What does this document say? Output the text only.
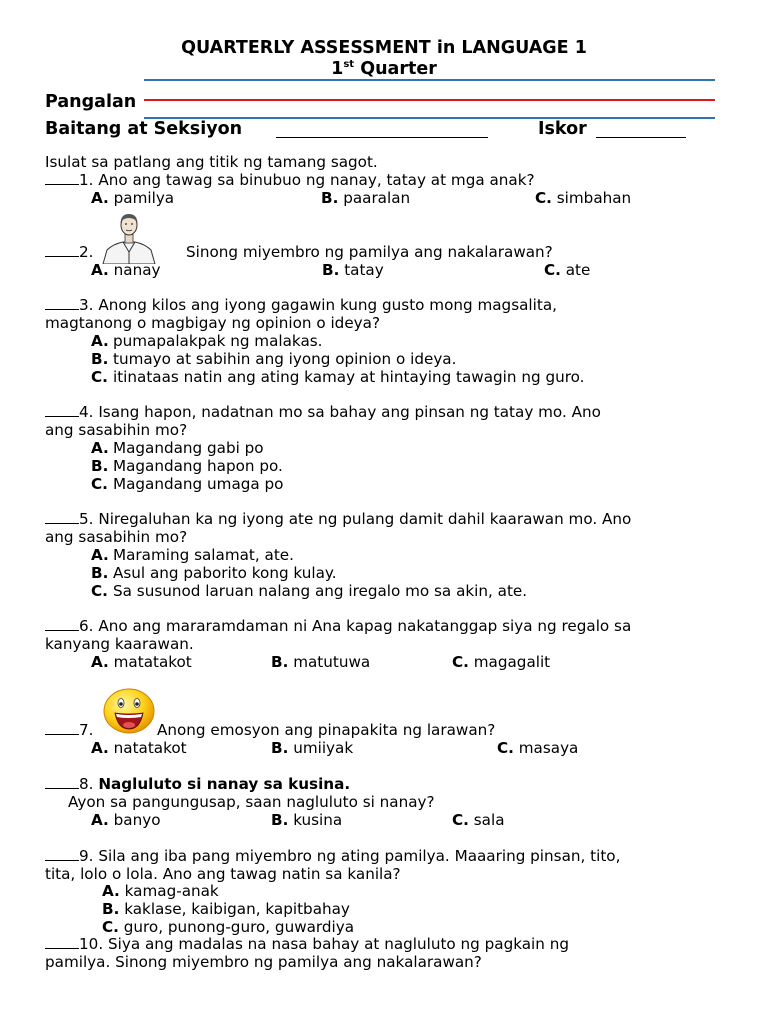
QUARTERLY ASSESSMENT in LANGUAGE 1
1st Quarter
Pangalan
Baitang at Seksiyon	Iskor
Isulat sa patlang ang titik ng tamang sagot.
1. Ano ang tawag sa binubuo ng nanay, tatay at mga anak?
A. pamilya	B. paaralan	C. simbahan
2.	Sinong miyembro ng pamilya ang nakalarawan?
A. nanay	B. tatay	C. ate
3. Anong kilos ang iyong gagawin kung gusto mong magsalita,
magtanong o magbigay ng opinion o ideya?
A. pumapalakpak ng malakas.
B. tumayo at sabihin ang iyong opinion o ideya.
C. itinataas natin ang ating kamay at hintaying tawagin ng guro.
4. Isang hapon, nadatnan mo sa bahay ang pinsan ng tatay mo. Ano
ang sasabihin mo?
A. Magandang gabi po
B. Magandang hapon po.
C. Magandang umaga po
5. Niregaluhan ka ng iyong ate ng pulang damit dahil kaarawan mo. Ano
ang sasabihin mo?
A. Maraming salamat, ate.
B. Asul ang paborito kong kulay.
C. Sa susunod laruan nalang ang iregalo mo sa akin, ate.
6. Ano ang mararamdaman ni Ana kapag nakatanggap siya ng regalo sa
kanyang kaarawan.
A. matatakot	B. matutuwa	C. magagalit
7.	Anong emosyon ang pinapakita ng larawan?
A. natatakot	B. umiiyak	C. masaya
8. Nagluluto si nanay sa kusina.
Ayon sa pangungusap, saan nagluluto si nanay?
A. banyo	B. kusina	C. sala
9. Sila ang iba pang miyembro ng ating pamilya. Maaaring pinsan, tito,
tita, lolo o lola. Ano ang tawag natin sa kanila?
A. kamag-anak
B. kaklase, kaibigan, kapitbahay
C. guro, punong-guro, guwardiya
10. Siya ang madalas na nasa bahay at nagluluto ng pagkain ng
pamilya. Sinong miyembro ng pamilya ang nakalarawan?
